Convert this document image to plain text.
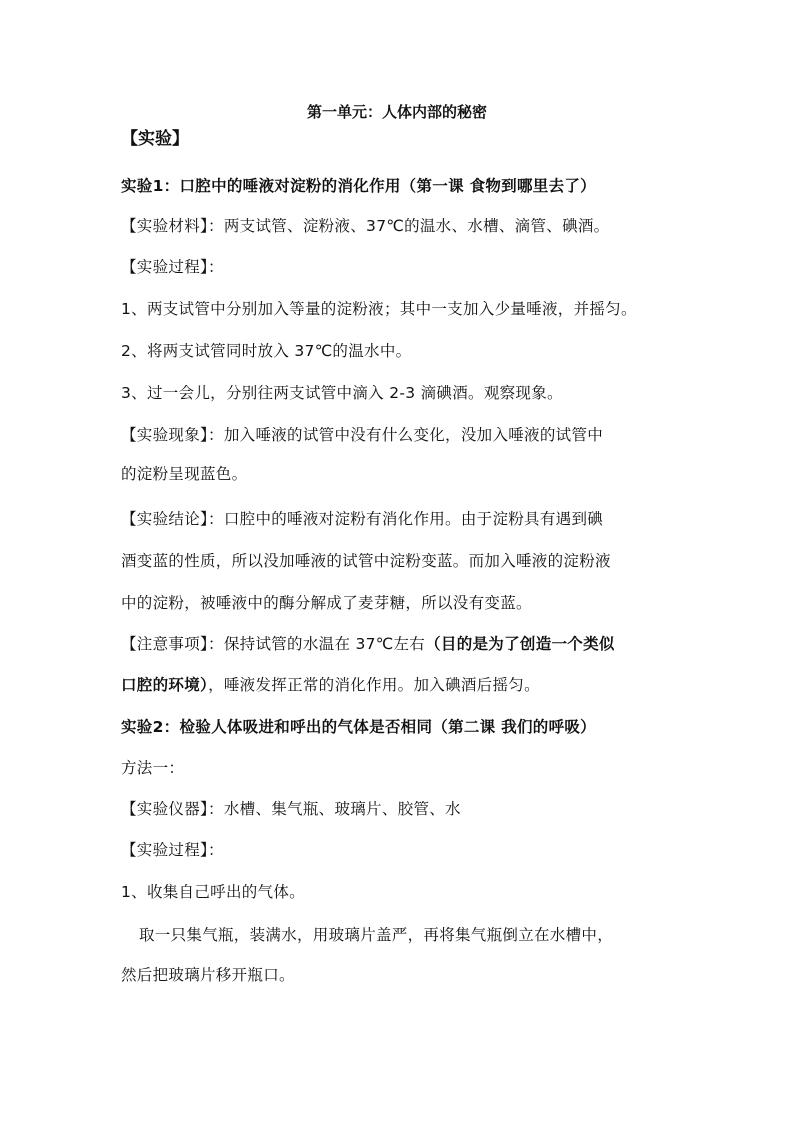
第一单元：人体内部的秘密
【实验】
实验1：口腔中的唾液对淀粉的消化作用（第一课 食物到哪里去了）
【实验材料】：两支试管、淀粉液、37℃的温水、水槽、滴管、碘酒。
【实验过程】：
1、两支试管中分别加入等量的淀粉液；其中一支加入少量唾液，并摇匀。
2、将两支试管同时放入 37℃的温水中。
3、过一会儿，分别往两支试管中滴入 2-3 滴碘酒。观察现象。
【实验现象】：加入唾液的试管中没有什么变化，没加入唾液的试管中
的淀粉呈现蓝色。
【实验结论】：口腔中的唾液对淀粉有消化作用。由于淀粉具有遇到碘
酒变蓝的性质，所以没加唾液的试管中淀粉变蓝。而加入唾液的淀粉液
中的淀粉，被唾液中的酶分解成了麦芽糖，所以没有变蓝。
【注意事项】：保持试管的水温在 37℃左右（目的是为了创造一个类似
口腔的环境），唾液发挥正常的消化作用。加入碘酒后摇匀。
实验2：检验人体吸进和呼出的气体是否相同（第二课 我们的呼吸）
方法一：
【实验仪器】：水槽、集气瓶、玻璃片、胶管、水
【实验过程】：
1、收集自己呼出的气体。
取一只集气瓶，装满水，用玻璃片盖严，再将集气瓶倒立在水槽中，
然后把玻璃片移开瓶口。
